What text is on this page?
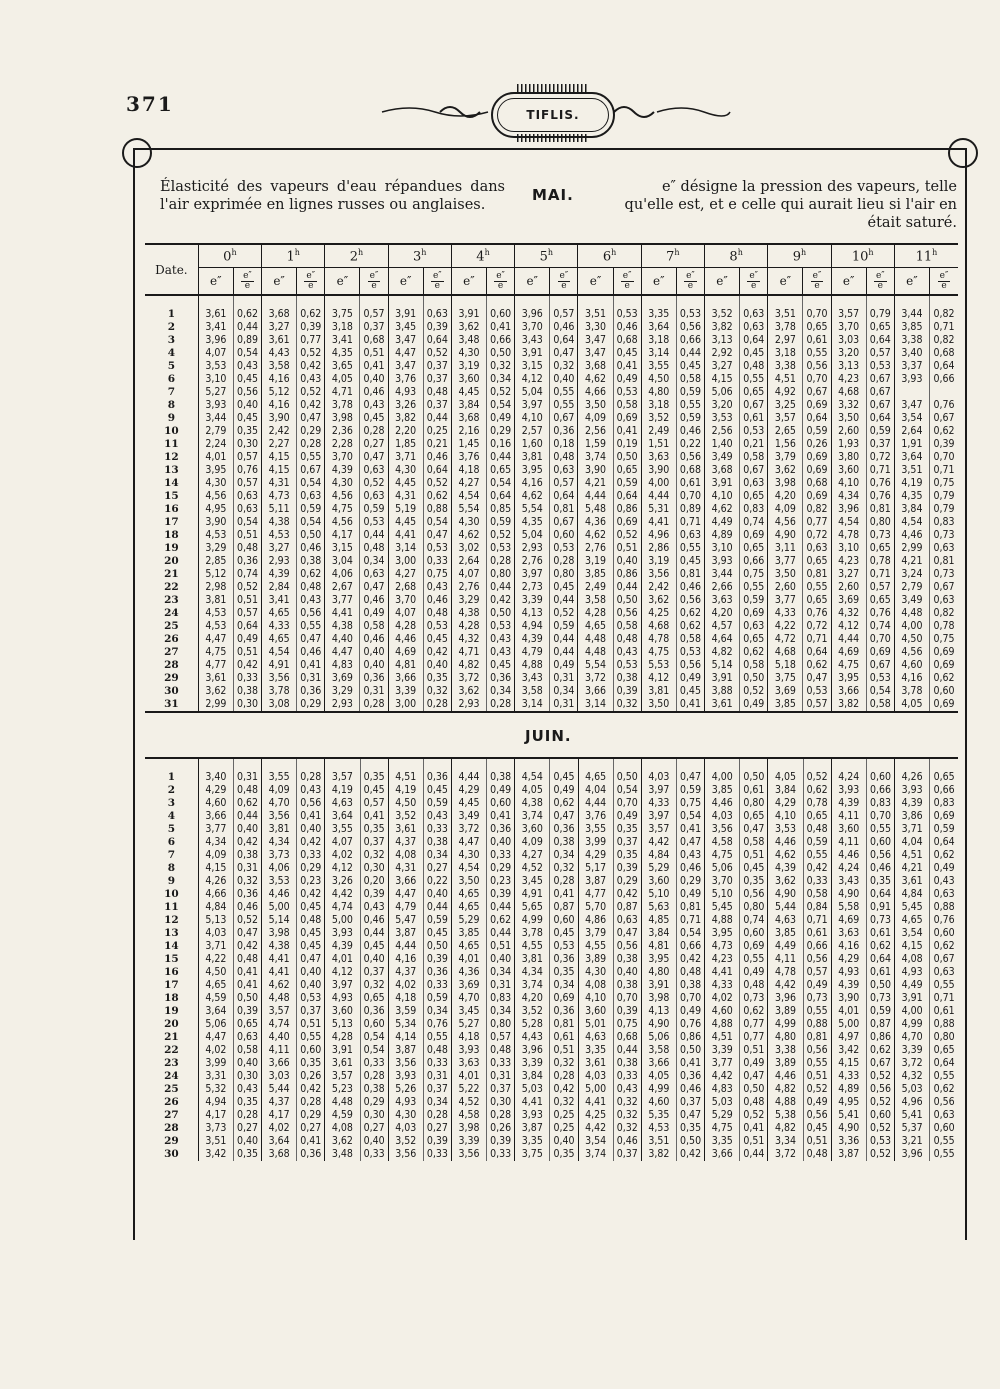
371	TIFLIS.
Élasticité des vapeurs d'eau répandues dans l'air exprimée en lignes russes ou anglaises.
MAI.	e″ désigne la pression des vapeurs, telle qu'elle est, et e celle qui aurait lieu si l'air en était saturé.
Date.	0$^h$		1$^h$		2$^h$		3$^h$		4$^h$		5$^h$		6$^h$		7$^h$		8$^h$		9$^h$		10$^h$		11$^h$
	e″	$\frac{e''}{e}$	e″	$\frac{e''}{e}$	e″	$\frac{e''}{e}$	e″	$\frac{e''}{e}$	e″	$\frac{e''}{e}$	e″	$\frac{e''}{e}$	e″	$\frac{e''}{e}$	e″	$\frac{e''}{e}$	e″	$\frac{e''}{e}$	e″	$\frac{e''}{e}$	e″	$\frac{e''}{e}$	e″	$\frac{e''}{e}$

1	3,61	0,62	3,68	0,62	3,75	0,57	3,91	0,63	3,91	0,60	3,96	0,57	3,51	0,53	3,35	0,53	3,52	0,63	3,51	0,70	3,57	0,79	3,44	0,82
2	3,41	0,44	3,27	0,39	3,18	0,37	3,45	0,39	3,62	0,41	3,70	0,46	3,30	0,46	3,64	0,56	3,82	0,63	3,78	0,65	3,70	0,65	3,85	0,71
3	3,96	0,89	3,61	0,77	3,41	0,68	3,47	0,64	3,48	0,66	3,43	0,64	3,47	0,68	3,18	0,66	3,13	0,64	2,97	0,61	3,03	0,64	3,38	0,82
4	4,07	0,54	4,43	0,52	4,35	0,51	4,47	0,52	4,30	0,50	3,91	0,47	3,47	0,45	3,14	0,44	2,92	0,45	3,18	0,55	3,20	0,57	3,40	0,68
5	3,53	0,43	3,58	0,42	3,65	0,41	3,47	0,37	3,19	0,32	3,15	0,32	3,68	0,41	3,55	0,45	3,27	0,48	3,38	0,56	3,13	0,53	3,37	0,64
6	3,10	0,45	4,16	0,43	4,05	0,40	3,76	0,37	3,60	0,34	4,12	0,40	4,62	0,49	4,50	0,58	4,15	0,55	4,51	0,70	4,23	0,67	3,93	0,66
7	5,27	0,56	5,12	0,52	4,71	0,46	4,93	0,48	4,45	0,52	5,04	0,55	4,66	0,53	4,80	0,59	5,06	0,65	4,92	0,67	4,68	0,67		
8	3,93	0,40	4,16	0,42	3,78	0,43	3,26	0,37	3,84	0,54	3,97	0,55	3,50	0,58	3,18	0,55	3,20	0,67	3,25	0,69	3,32	0,67	3,47	0,76
9	3,44	0,45	3,90	0,47	3,98	0,45	3,82	0,44	3,68	0,49	4,10	0,67	4,09	0,69	3,52	0,59	3,53	0,61	3,57	0,64	3,50	0,64	3,54	0,67
10	2,79	0,35	2,42	0,29	2,36	0,28	2,20	0,25	2,16	0,29	2,57	0,36	2,56	0,41	2,49	0,46	2,56	0,53	2,65	0,59	2,60	0,59	2,64	0,62
11	2,24	0,30	2,27	0,28	2,28	0,27	1,85	0,21	1,45	0,16	1,60	0,18	1,59	0,19	1,51	0,22	1,40	0,21	1,56	0,26	1,93	0,37	1,91	0,39
12	4,01	0,57	4,15	0,55	3,70	0,47	3,71	0,46	3,76	0,44	3,81	0,48	3,74	0,50	3,63	0,56	3,49	0,58	3,79	0,69	3,80	0,72	3,64	0,70
13	3,95	0,76	4,15	0,67	4,39	0,63	4,30	0,64	4,18	0,65	3,95	0,63	3,90	0,65	3,90	0,68	3,68	0,67	3,62	0,69	3,60	0,71	3,51	0,71
14	4,30	0,57	4,31	0,54	4,30	0,52	4,45	0,52	4,27	0,54	4,16	0,57	4,21	0,59	4,00	0,61	3,91	0,63	3,98	0,68	4,10	0,76	4,19	0,75
15	4,56	0,63	4,73	0,63	4,56	0,63	4,31	0,62	4,54	0,64	4,62	0,64	4,44	0,64	4,44	0,70	4,10	0,65	4,20	0,69	4,34	0,76	4,35	0,79
16	4,95	0,63	5,11	0,59	4,75	0,59	5,19	0,88	5,54	0,85	5,54	0,81	5,48	0,86	5,31	0,89	4,62	0,83	4,09	0,82	3,96	0,81	3,84	0,79
17	3,90	0,54	4,38	0,54	4,56	0,53	4,45	0,54	4,30	0,59	4,35	0,67	4,36	0,69	4,41	0,71	4,49	0,74	4,56	0,77	4,54	0,80	4,54	0,83
18	4,53	0,51	4,53	0,50	4,17	0,44	4,41	0,47	4,62	0,52	5,04	0,60	4,62	0,52	4,96	0,63	4,89	0,69	4,90	0,72	4,78	0,73	4,46	0,73
19	3,29	0,48	3,27	0,46	3,15	0,48	3,14	0,53	3,02	0,53	2,93	0,53	2,76	0,51	2,86	0,55	3,10	0,65	3,11	0,63	3,10	0,65	2,99	0,63
20	2,85	0,36	2,93	0,38	3,04	0,34	3,00	0,33	2,64	0,28	2,76	0,28	3,19	0,40	3,19	0,45	3,93	0,66	3,77	0,65	4,23	0,78	4,21	0,81
21	5,12	0,74	4,39	0,62	4,06	0,63	4,27	0,75	4,07	0,80	3,97	0,80	3,85	0,86	3,56	0,81	3,44	0,75	3,50	0,81	3,27	0,71	3,24	0,73
22	2,98	0,52	2,84	0,48	2,67	0,47	2,68	0,43	2,76	0,44	2,73	0,45	2,49	0,44	2,42	0,46	2,66	0,55	2,60	0,55	2,60	0,57	2,79	0,67
23	3,81	0,51	3,41	0,43	3,77	0,46	3,70	0,46	3,29	0,42	3,39	0,44	3,58	0,50	3,62	0,56	3,63	0,59	3,77	0,65	3,69	0,65	3,49	0,63
24	4,53	0,57	4,65	0,56	4,41	0,49	4,07	0,48	4,38	0,50	4,13	0,52	4,28	0,56	4,25	0,62	4,20	0,69	4,33	0,76	4,32	0,76	4,48	0,82
25	4,53	0,64	4,33	0,55	4,38	0,58	4,28	0,53	4,28	0,53	4,94	0,59	4,65	0,58	4,68	0,62	4,57	0,63	4,22	0,72	4,12	0,74	4,00	0,78
26	4,47	0,49	4,65	0,47	4,40	0,46	4,46	0,45	4,32	0,43	4,39	0,44	4,48	0,48	4,78	0,58	4,64	0,65	4,72	0,71	4,44	0,70	4,50	0,75
27	4,75	0,51	4,54	0,46	4,47	0,40	4,69	0,42	4,71	0,43	4,79	0,44	4,48	0,43	4,75	0,53	4,82	0,62	4,68	0,64	4,69	0,69	4,56	0,69
28	4,77	0,42	4,91	0,41	4,83	0,40	4,81	0,40	4,82	0,45	4,88	0,49	5,54	0,53	5,53	0,56	5,14	0,58	5,18	0,62	4,75	0,67	4,60	0,69
29	3,61	0,33	3,56	0,31	3,69	0,36	3,66	0,35	3,72	0,36	3,43	0,31	3,72	0,38	4,12	0,49	3,91	0,50	3,75	0,47	3,95	0,53	4,16	0,62
30	3,62	0,38	3,78	0,36	3,29	0,31	3,39	0,32	3,62	0,34	3,58	0,34	3,66	0,39	3,81	0,45	3,88	0,52	3,69	0,53	3,66	0,54	3,78	0,60
31	2,99	0,30	3,08	0,29	2,93	0,28	3,00	0,28	2,93	0,28	3,14	0,31	3,14	0,32	3,50	0,41	3,61	0,49	3,85	0,57	3,82	0,58	4,05	0,69
JUIN.

1	3,40	0,31	3,55	0,28	3,57	0,35	4,51	0,36	4,44	0,38	4,54	0,45	4,65	0,50	4,03	0,47	4,00	0,50	4,05	0,52	4,24	0,60	4,26	0,65
2	4,29	0,48	4,09	0,43	4,19	0,45	4,19	0,45	4,29	0,49	4,05	0,49	4,04	0,54	3,97	0,59	3,85	0,61	3,84	0,62	3,93	0,66	3,93	0,66
3	4,60	0,62	4,70	0,56	4,63	0,57	4,50	0,59	4,45	0,60	4,38	0,62	4,44	0,70	4,33	0,75	4,46	0,80	4,29	0,78	4,39	0,83	4,39	0,83
4	3,66	0,44	3,56	0,41	3,64	0,41	3,52	0,43	3,49	0,41	3,74	0,47	3,76	0,49	3,97	0,54	4,03	0,65	4,10	0,65	4,11	0,70	3,86	0,69
5	3,77	0,40	3,81	0,40	3,55	0,35	3,61	0,33	3,72	0,36	3,60	0,36	3,55	0,35	3,57	0,41	3,56	0,47	3,53	0,48	3,60	0,55	3,71	0,59
6	4,34	0,42	4,34	0,42	4,07	0,37	4,37	0,38	4,47	0,40	4,09	0,38	3,99	0,37	4,42	0,47	4,58	0,58	4,46	0,59	4,11	0,60	4,04	0,64
7	4,09	0,38	3,73	0,33	4,02	0,32	4,08	0,34	4,30	0,33	4,27	0,34	4,29	0,35	4,84	0,43	4,75	0,51	4,62	0,55	4,46	0,56	4,51	0,62
8	4,15	0,31	4,06	0,29	4,12	0,30	4,31	0,27	4,54	0,29	4,52	0,32	5,17	0,39	5,29	0,46	5,06	0,45	4,39	0,42	4,24	0,46	4,21	0,49
9	4,26	0,32	3,53	0,23	3,26	0,20	3,66	0,22	3,50	0,23	3,45	0,28	3,87	0,29	3,60	0,29	3,70	0,35	3,62	0,33	3,43	0,35	3,61	0,43
10	4,66	0,36	4,46	0,42	4,42	0,39	4,47	0,40	4,65	0,39	4,91	0,41	4,77	0,42	5,10	0,49	5,10	0,56	4,90	0,58	4,90	0,64	4,84	0,63
11	4,84	0,46	5,00	0,45	4,74	0,43	4,79	0,44	4,65	0,44	5,65	0,87	5,70	0,87	5,63	0,81	5,45	0,80	5,44	0,84	5,58	0,91	5,45	0,88
12	5,13	0,52	5,14	0,48	5,00	0,46	5,47	0,59	5,29	0,62	4,99	0,60	4,86	0,63	4,85	0,71	4,88	0,74	4,63	0,71	4,69	0,73	4,65	0,76
13	4,03	0,47	3,98	0,45	3,93	0,44	3,87	0,45	3,85	0,44	3,78	0,45	3,79	0,47	3,84	0,54	3,95	0,60	3,85	0,61	3,63	0,61	3,54	0,60
14	3,71	0,42	4,38	0,45	4,39	0,45	4,44	0,50	4,65	0,51	4,55	0,53	4,55	0,56	4,81	0,66	4,73	0,69	4,49	0,66	4,16	0,62	4,15	0,62
15	4,22	0,48	4,41	0,47	4,01	0,40	4,16	0,39	4,01	0,40	3,81	0,36	3,89	0,38	3,95	0,42	4,23	0,55	4,11	0,56	4,29	0,64	4,08	0,67
16	4,50	0,41	4,41	0,40	4,12	0,37	4,37	0,36	4,36	0,34	4,34	0,35	4,30	0,40	4,80	0,48	4,41	0,49	4,78	0,57	4,93	0,61	4,93	0,63
17	4,65	0,41	4,62	0,40	3,97	0,32	4,02	0,33	3,69	0,31	3,74	0,34	4,08	0,38	3,91	0,38	4,33	0,48	4,42	0,49	4,39	0,50	4,49	0,55
18	4,59	0,50	4,48	0,53	4,93	0,65	4,18	0,59	4,70	0,83	4,20	0,69	4,10	0,70	3,98	0,70	4,02	0,73	3,96	0,73	3,90	0,73	3,91	0,71
19	3,64	0,39	3,57	0,37	3,60	0,36	3,59	0,34	3,45	0,34	3,52	0,36	3,60	0,39	4,13	0,49	4,60	0,62	3,89	0,55	4,01	0,59	4,00	0,61
20	5,06	0,65	4,74	0,51	5,13	0,60	5,34	0,76	5,27	0,80	5,28	0,81	5,01	0,75	4,90	0,76	4,88	0,77	4,99	0,88	5,00	0,87	4,99	0,88
21	4,47	0,63	4,40	0,55	4,28	0,54	4,14	0,55	4,18	0,57	4,43	0,61	4,63	0,68	5,06	0,86	4,51	0,77	4,80	0,81	4,97	0,86	4,70	0,80
22	4,02	0,58	4,11	0,60	3,91	0,54	3,87	0,48	3,93	0,48	3,96	0,51	3,35	0,44	3,58	0,50	3,39	0,51	3,38	0,56	3,42	0,62	3,39	0,65
23	3,99	0,40	3,66	0,35	3,61	0,33	3,56	0,33	3,63	0,33	3,39	0,32	3,61	0,38	3,66	0,41	3,77	0,49	3,89	0,55	4,15	0,67	3,72	0,64
24	3,31	0,30	3,03	0,26	3,57	0,28	3,93	0,31	4,01	0,31	3,84	0,28	4,03	0,33	4,05	0,36	4,42	0,47	4,46	0,51	4,33	0,52	4,32	0,55
25	5,32	0,43	5,44	0,42	5,23	0,38	5,26	0,37	5,22	0,37	5,03	0,42	5,00	0,43	4,99	0,46	4,83	0,50	4,82	0,52	4,89	0,56	5,03	0,62
26	4,94	0,35	4,37	0,28	4,48	0,29	4,93	0,34	4,52	0,30	4,41	0,32	4,41	0,32	4,60	0,37	5,03	0,48	4,88	0,49	4,95	0,52	4,96	0,56
27	4,17	0,28	4,17	0,29	4,59	0,30	4,30	0,28	4,58	0,28	3,93	0,25	4,25	0,32	5,35	0,47	5,29	0,52	5,38	0,56	5,41	0,60	5,41	0,63
28	3,73	0,27	4,02	0,27	4,08	0,27	4,03	0,27	3,98	0,26	3,87	0,25	4,42	0,32	4,53	0,35	4,75	0,41	4,82	0,45	4,90	0,52	5,37	0,60
29	3,51	0,40	3,64	0,41	3,62	0,40	3,52	0,39	3,39	0,39	3,35	0,40	3,54	0,46	3,51	0,50	3,35	0,51	3,34	0,51	3,36	0,53	3,21	0,55
30	3,42	0,35	3,68	0,36	3,48	0,33	3,56	0,33	3,56	0,33	3,75	0,35	3,74	0,37	3,82	0,42	3,66	0,44	3,72	0,48	3,87	0,52	3,96	0,55
